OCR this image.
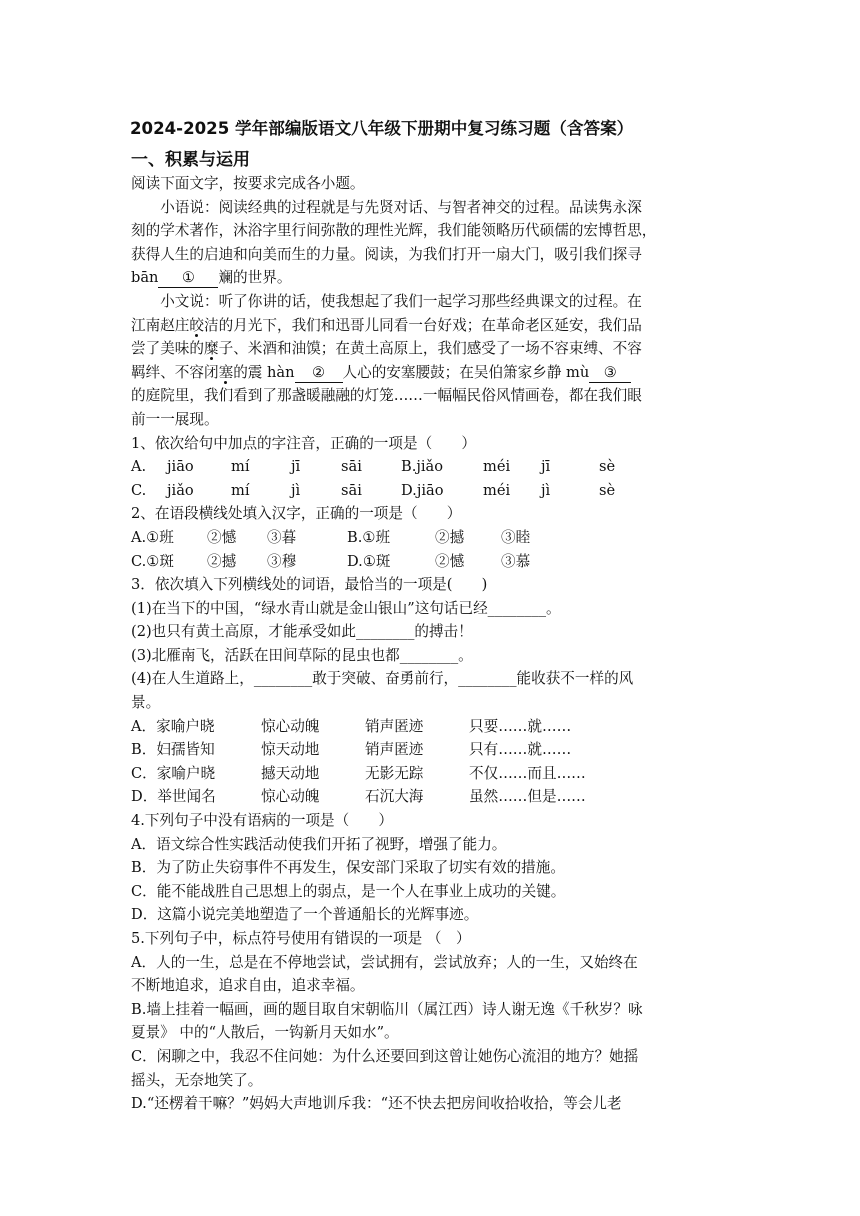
2024-2025 学年部编版语文八年级下册期中复习练习题（含答案）
一、积累与运用
阅读下面文字，按要求完成各小题。
小语说：阅读经典的过程就是与先贤对话、与智者神交的过程。品读隽永深
刻的学术著作，沐浴字里行间弥散的理性光辉，我们能领略历代硕儒的宏博哲思，
获得人生的启迪和向美而生的力量。阅读，为我们打开一扇大门，吸引我们探寻
bān ① 斓的世界。
小文说：听了你讲的话，使我想起了我们一起学习那些经典课文的过程。在
江南赵庄皎洁的月光下，我们和迅哥儿同看一台好戏；在革命老区延安，我们品
尝了美味的糜子、米酒和油馍；在黄土高原上，我们感受了一场不容束缚、不容
羁绊、不容闭塞的震 hàn ② 人心的安塞腰鼓；在吴伯箫家乡静 mù ③
的庭院里，我们看到了那盏暖融融的灯笼……一幅幅民俗风情画卷，都在我们眼
前一一展现。
1、依次给句中加点的字注音，正确的一项是（　　）
A.	jiāo	mí	jī	sāi	B.jiǎo	méi	jī	sè
C.	jiǎo	mí	jì	sāi	D.jiāo	méi	jì	sè
2、在语段横线处填入汉字，正确的一项是（　　）
A.①班	②憾	③暮	B.①班	②撼	③睦
C.①斑	②撼	③穆	D.①斑	②憾	③慕
3．依次填入下列横线处的词语，最恰当的一项是(　　)
(1)在当下的中国，“绿水青山就是金山银山”这句话已经________。
(2)也只有黄土高原，才能承受如此________的搏击！
(3)北雁南飞，活跃在田间草际的昆虫也都________。
(4)在人生道路上，________敢于突破、奋勇前行，________能收获不一样的风
景。
A．家喻户晓	惊心动魄	销声匿迹	只要……就……
B．妇孺皆知	惊天动地	销声匿迹	只有……就……
C．家喻户晓	撼天动地	无影无踪	不仅……而且……
D．举世闻名	惊心动魄	石沉大海	虽然……但是……
4.下列句子中没有语病的一项是（　　）
A．语文综合性实践活动使我们开拓了视野，增强了能力。
B．为了防止失窃事件不再发生，保安部门采取了切实有效的措施。
C．能不能战胜自己思想上的弱点，是一个人在事业上成功的关键。
D．这篇小说完美地塑造了一个普通船长的光辉事迹。
5.下列句子中，标点符号使用有错误的一项是 （　）
A．人的一生，总是在不停地尝试，尝试拥有，尝试放弃；人的一生，又始终在
不断地追求，追求自由，追求幸福。
B.墙上挂着一幅画，画的题目取自宋朝临川（属江西）诗人谢无逸《千秋岁？咏
夏景》 中的“人散后，一钩新月天如水”。
C．闲聊之中，我忍不住问她：为什么还要回到这曾让她伤心流泪的地方？她摇
摇头，无奈地笑了。
D.“还楞着干嘛？”妈妈大声地训斥我：“还不快去把房间收拾收拾，等会儿老
